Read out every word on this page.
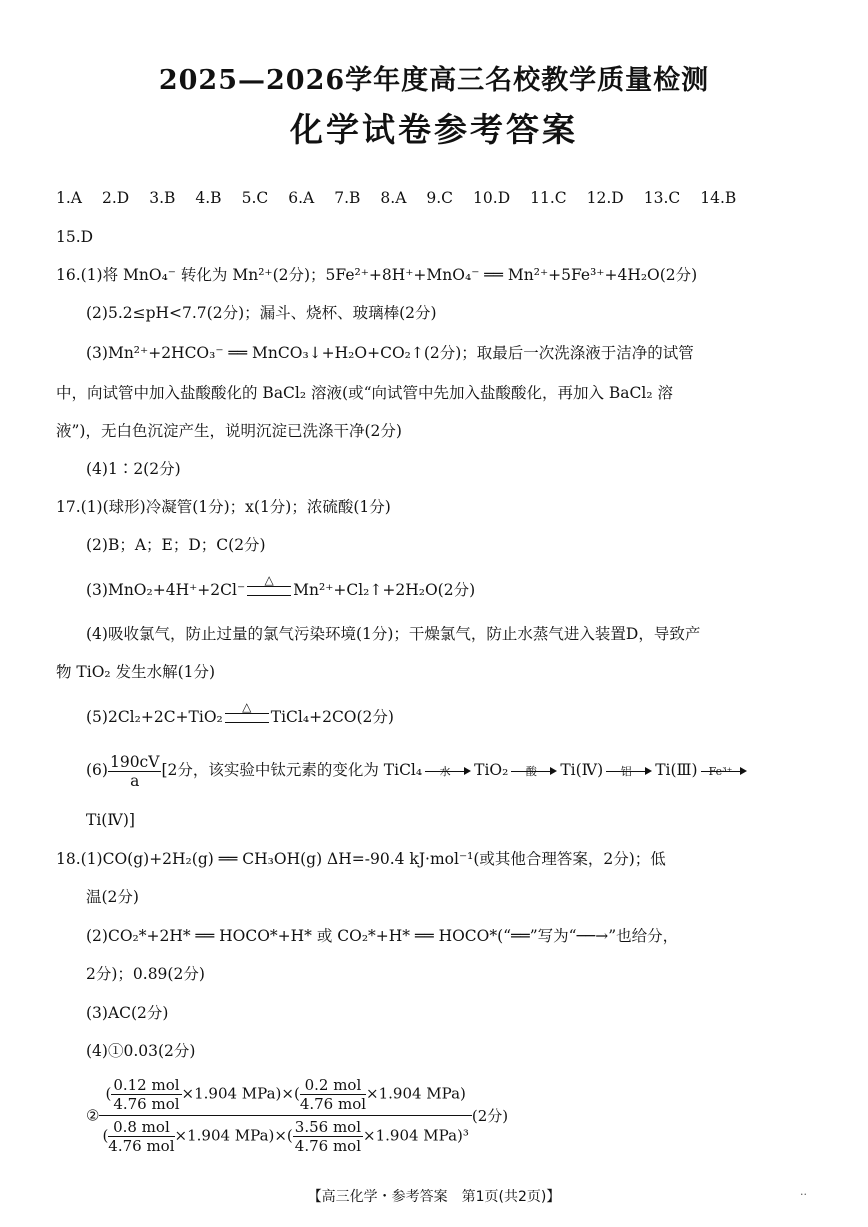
2025—2026学年度高三名校教学质量检测
化学试卷参考答案
1.A 2.D 3.B 4.B 5.C 6.A 7.B 8.A 9.C 10.D 11.C 12.D 13.C 14.B
15.D
16.(1)将 MnO₄⁻ 转化为 Mn²⁺(2分)；5Fe²⁺+8H⁺+MnO₄⁻ ══ Mn²⁺+5Fe³⁺+4H₂O(2分)
(2)5.2≤pH<7.7(2分)；漏斗、烧杯、玻璃棒(2分)
(3)Mn²⁺+2HCO₃⁻ ══ MnCO₃↓+H₂O+CO₂↑(2分)；取最后一次洗涤液于洁净的试管
中，向试管中加入盐酸酸化的 BaCl₂ 溶液(或“向试管中先加入盐酸酸化，再加入 BaCl₂ 溶
液”)，无白色沉淀产生，说明沉淀已洗涤干净(2分)
(4)1∶2(2分)
17.(1)(球形)冷凝管(1分)；x(1分)；浓硫酸(1分)
(2)B；A；E；D；C(2分)
(3)MnO₂+4H⁺+2Cl⁻
△
Mn²⁺+Cl₂↑+2H₂O(2分)
(4)吸收氯气，防止过量的氯气污染环境(1分)；干燥氯气，防止水蒸气进入装置D，导致产
物 TiO₂ 发生水解(1分)
(5)2Cl₂+2C+TiO₂
△
TiCl₄+2CO(2分)
$(6) \frac{190cV}{a} [2$分，该实验中钛元素的变化为 TiCl₄	水	TiO₂	酸	Ti(Ⅳ)	铝	Ti(Ⅲ)	Fe³⁺
Ti(Ⅳ)]
18.(1)CO(g)+2H₂(g) ══ CH₃OH(g) ΔH=-90.4 kJ·mol⁻¹(或其他合理答案，2分)；低
温(2分)
(2)CO₂*+2H* ══ HOCO*+H* 或 CO₂*+H* ══ HOCO*(“══”写为“──→”也给分，
2分)；0.89(2分)
(3)AC(2分)
(4)①0.03(2分)
② $\frac{( \frac{\text{0.12 mol}}{\text{4.76 mol}} \times 1.904 MPa)\times( \frac{\text{0.2 mol}}{\text{4.76 mol}} \times 1.904 MPa)}{( \frac{\text{0.8 mol}}{\text{4.76 mol}} \times 1.904 MPa)\times( \frac{\text{3.56 mol}}{\text{4.76 mol}} \times 1.904 MPa)^3} (2$分)
【高三化学・参考答案　第1页(共2页)】	··
